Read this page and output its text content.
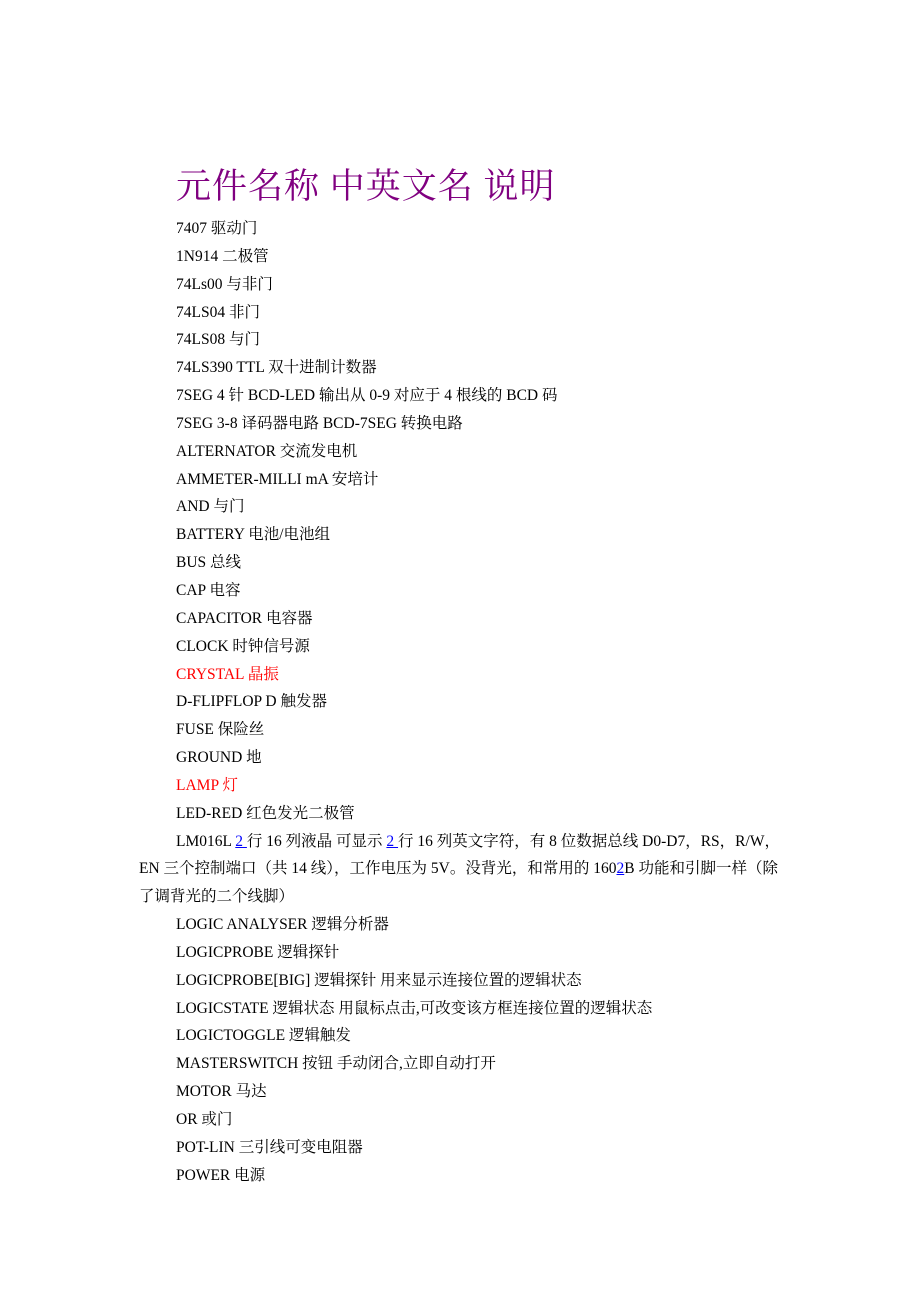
元件名称 中英文名 说明
7407 驱动门
1N914 二极管
74Ls00 与非门
74LS04 非门
74LS08 与门
74LS390 TTL 双十进制计数器
7SEG 4 针 BCD-LED 输出从 0-9 对应于 4 根线的 BCD 码
7SEG 3-8 译码器电路 BCD-7SEG 转换电路
ALTERNATOR 交流发电机
AMMETER-MILLI mA 安培计
AND 与门
BATTERY 电池/电池组
BUS 总线
CAP 电容
CAPACITOR 电容器
CLOCK 时钟信号源
CRYSTAL 晶振
D-FLIPFLOP D 触发器
FUSE 保险丝
GROUND 地
LAMP 灯
LED-RED 红色发光二极管
LM016L 2 行 16 列液晶 可显示 2 行 16 列英文字符，有 8 位数据总线 D0-D7，RS，R/W，EN 三个控制端口（共 14 线），工作电压为 5V。没背光，和常用的 1602B 功能和引脚一样（除了调背光的二个线脚）
LOGIC ANALYSER 逻辑分析器
LOGICPROBE 逻辑探针
LOGICPROBE[BIG] 逻辑探针 用来显示连接位置的逻辑状态
LOGICSTATE 逻辑状态 用鼠标点击,可改变该方框连接位置的逻辑状态
LOGICTOGGLE 逻辑触发
MASTERSWITCH 按钮 手动闭合,立即自动打开
MOTOR 马达
OR 或门
POT-LIN 三引线可变电阻器
POWER 电源
